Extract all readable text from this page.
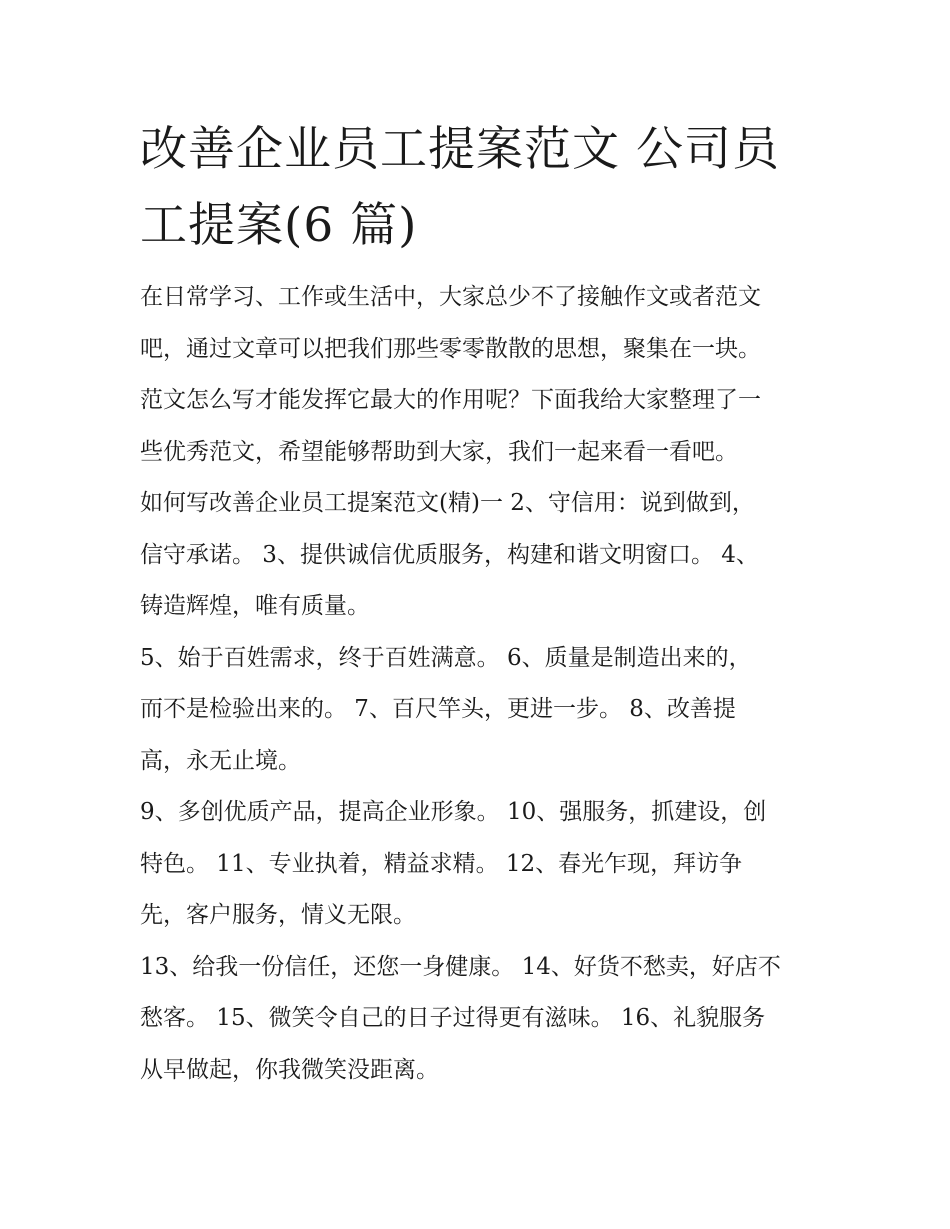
改善企业员工提案范文 公司员
工提案(6 篇)

在日常学习、工作或生活中，大家总少不了接触作文或者范文
吧，通过文章可以把我们那些零零散散的思想，聚集在一块。
范文怎么写才能发挥它最大的作用呢？下面我给大家整理了一
些优秀范文，希望能够帮助到大家，我们一起来看一看吧。

如何写改善企业员工提案范文(精)一 2、守信用：说到做到，
信守承诺。 3、提供诚信优质服务，构建和谐文明窗口。 4、
铸造辉煌，唯有质量。

5、始于百姓需求，终于百姓满意。 6、质量是制造出来的，
而不是检验出来的。 7、百尺竿头，更进一步。 8、改善提
高，永无止境。

9、多创优质产品，提高企业形象。 10、强服务，抓建设，创
特色。 11、专业执着，精益求精。 12、春光乍现，拜访争
先，客户服务，情义无限。

13、给我一份信任，还您一身健康。 14、好货不愁卖，好店不
愁客。 15、微笑令自己的日子过得更有滋味。 16、礼貌服务
从早做起，你我微笑没距离。
